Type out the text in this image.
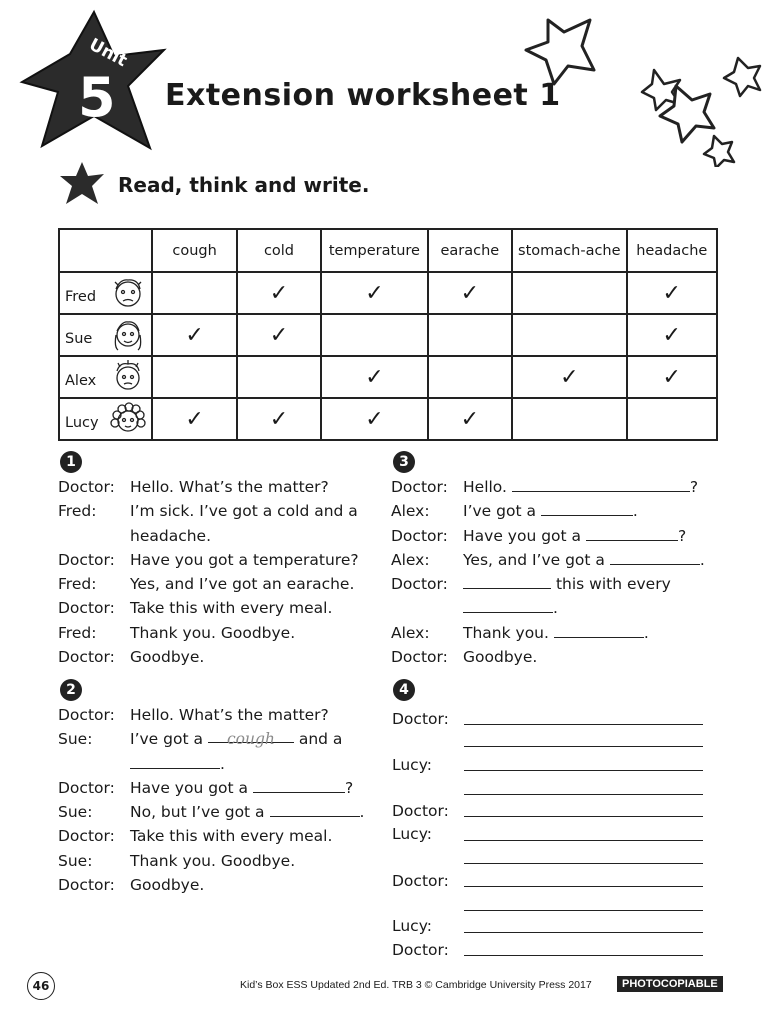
Unit
5 Extension worksheet 1

Read, think and write.

	cough	cold	temperature	earache	stomach-ache	headache

Fred		✓	✓	✓		✓

Sue	✓	✓				✓

Alex			✓		✓	✓

Lucy	✓	✓	✓	✓		
1
Doctor: Hello. What’s the matter?
Fred:	I’m sick. I’ve got a cold and a
headache.
Doctor: Have you got a temperature?
Fred:	Yes, and I’ve got an earache.
Doctor: Take this with every meal.
Fred:	Thank you. Goodbye.
Doctor: Goodbye.
2
Doctor: Hello. What’s the matter?
Sue:	I’ve got a cough and a
.
Doctor: Have you got a	?
Sue:	No, but I’ve got a	.
Doctor: Take this with every meal.
Sue:	Thank you. Goodbye.
Doctor: Goodbye.
3
Doctor: Hello.	?
Alex:	I’ve got a	.
Doctor: Have you got a	?
Alex:	Yes, and I’ve got a	.
Doctor:	this with every
.
Alex:	Thank you.	.
Doctor: Goodbye.
4
Doctor:
Lucy:
Doctor:
Lucy:
Doctor:
Lucy:
Doctor:
46	Kid’s Box ESS Updated 2nd Ed. TRB 3 © Cambridge University Press 2017	PHOTOCOPIABLE
